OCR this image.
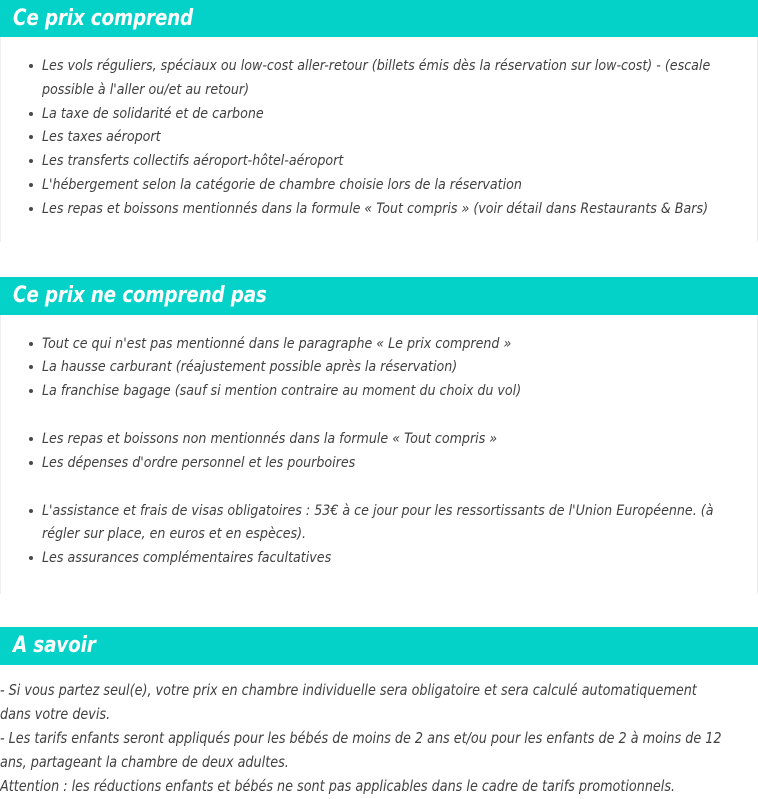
Ce prix comprend
Les vols réguliers, spéciaux ou low-cost aller-retour (billets émis dès la réservation sur low-cost) - (escale possible à l'aller ou/et au retour)
La taxe de solidarité et de carbone
Les taxes aéroport
Les transferts collectifs aéroport-hôtel-aéroport
L'hébergement selon la catégorie de chambre choisie lors de la réservation
Les repas et boissons mentionnés dans la formule « Tout compris » (voir détail dans Restaurants & Bars)
Ce prix ne comprend pas
Tout ce qui n'est pas mentionné dans le paragraphe « Le prix comprend »
La hausse carburant (réajustement possible après la réservation)
La franchise bagage (sauf si mention contraire au moment du choix du vol)
Les repas et boissons non mentionnés dans la formule « Tout compris »
Les dépenses d'ordre personnel et les pourboires
L'assistance et frais de visas obligatoires : 53€ à ce jour pour les ressortissants de l'Union Européenne. (à régler sur place, en euros et en espèces).
Les assurances complémentaires facultatives
A savoir

- Si vous partez seul(e), votre prix en chambre individuelle sera obligatoire et sera calculé automatiquement dans votre devis.

- Les tarifs enfants seront appliqués pour les bébés de moins de 2 ans et/ou pour les enfants de 2 à moins de 12 ans, partageant la chambre de deux adultes.

Attention : les réductions enfants et bébés ne sont pas applicables dans le cadre de tarifs promotionnels.
